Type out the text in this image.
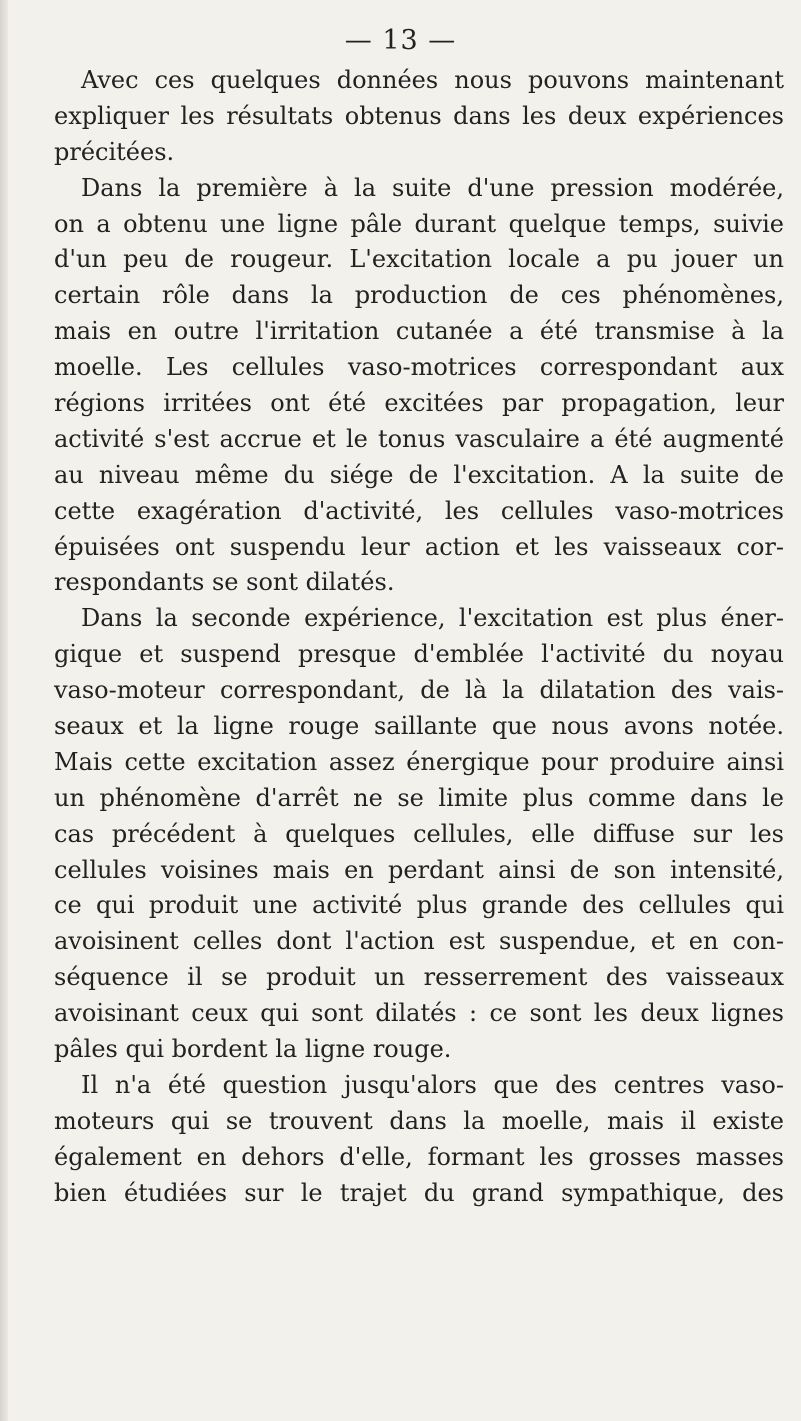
— 13 —
Avec ces quelques données nous pouvons maintenant
expliquer les résultats obtenus dans les deux expériences
précitées.
Dans la première à la suite d'une pression modérée,
on a obtenu une ligne pâle durant quelque temps, suivie
d'un peu de rougeur. L'excitation locale a pu jouer un
certain rôle dans la production de ces phénomènes,
mais en outre l'irritation cutanée a été transmise à la
moelle. Les cellules vaso-motrices correspondant aux
régions irritées ont été excitées par propagation, leur
activité s'est accrue et le tonus vasculaire a été augmenté
au niveau même du siége de l'excitation. A la suite de
cette exagération d'activité, les cellules vaso-motrices
épuisées ont suspendu leur action et les vaisseaux cor-
respondants se sont dilatés.
Dans la seconde expérience, l'excitation est plus éner-
gique et suspend presque d'emblée l'activité du noyau
vaso-moteur correspondant, de là la dilatation des vais-
seaux et la ligne rouge saillante que nous avons notée.
Mais cette excitation assez énergique pour produire ainsi
un phénomène d'arrêt ne se limite plus comme dans le
cas précédent à quelques cellules, elle diffuse sur les
cellules voisines mais en perdant ainsi de son intensité,
ce qui produit une activité plus grande des cellules qui
avoisinent celles dont l'action est suspendue, et en con-
séquence il se produit un resserrement des vaisseaux
avoisinant ceux qui sont dilatés : ce sont les deux lignes
pâles qui bordent la ligne rouge.
Il n'a été question jusqu'alors que des centres vaso-
moteurs qui se trouvent dans la moelle, mais il existe
également en dehors d'elle, formant les grosses masses
bien étudiées sur le trajet du grand sympathique, des
